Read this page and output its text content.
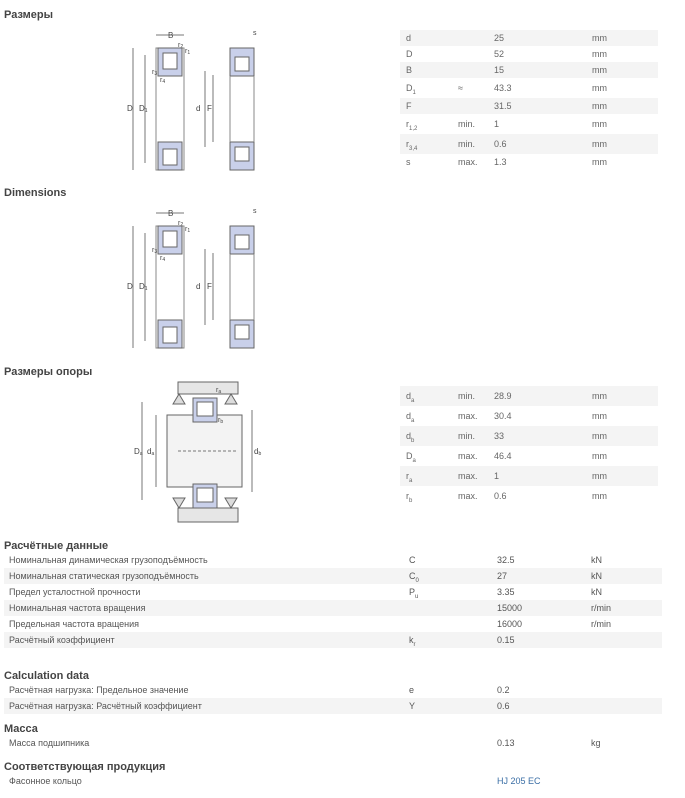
Размеры
Dimensions
Размеры опоры
Расчётные данные
Calculation data
Масса
Соответствующая продукция
B	s
r2
r1
r3
r4
D D1	d F
B	s
r2
r1
r3
r4
D D1	d F
Da da	db
ra
rb
d		25	mm
D		52	mm
B		15	mm
$D_1$	≈	43.3	mm
F		31.5	mm
$r_{1,2}$	min.	1	mm
$r_{3,4}$	min.	0.6	mm
s	max.	1.3	mm
$d_a$	min.	28.9	mm
$d_a$	max.	30.4	mm
$d_b$	min.	33	mm
$D_a$	max.	46.4	mm
$r_a$	max.	1	mm
$r_b$	max.	0.6	mm
Номинальная динамическая грузоподъёмность	C	32.5	kN
Номинальная статическая грузоподъёмность	$C_0$	27	kN
Предел усталостной прочности	$P_u$	3.35	kN
Номинальная частота вращения		15000	r/min
Предельная частота вращения		16000	r/min
Расчётный коэффициент	$k_r$	0.15	
Расчётная нагрузка: Предельное значение	e	0.2	
Расчётная нагрузка: Расчётный коэффициент	Y	0.6	
Масса подшипника		0.13	kg
Фасонное кольцо		HJ 205 EC	
